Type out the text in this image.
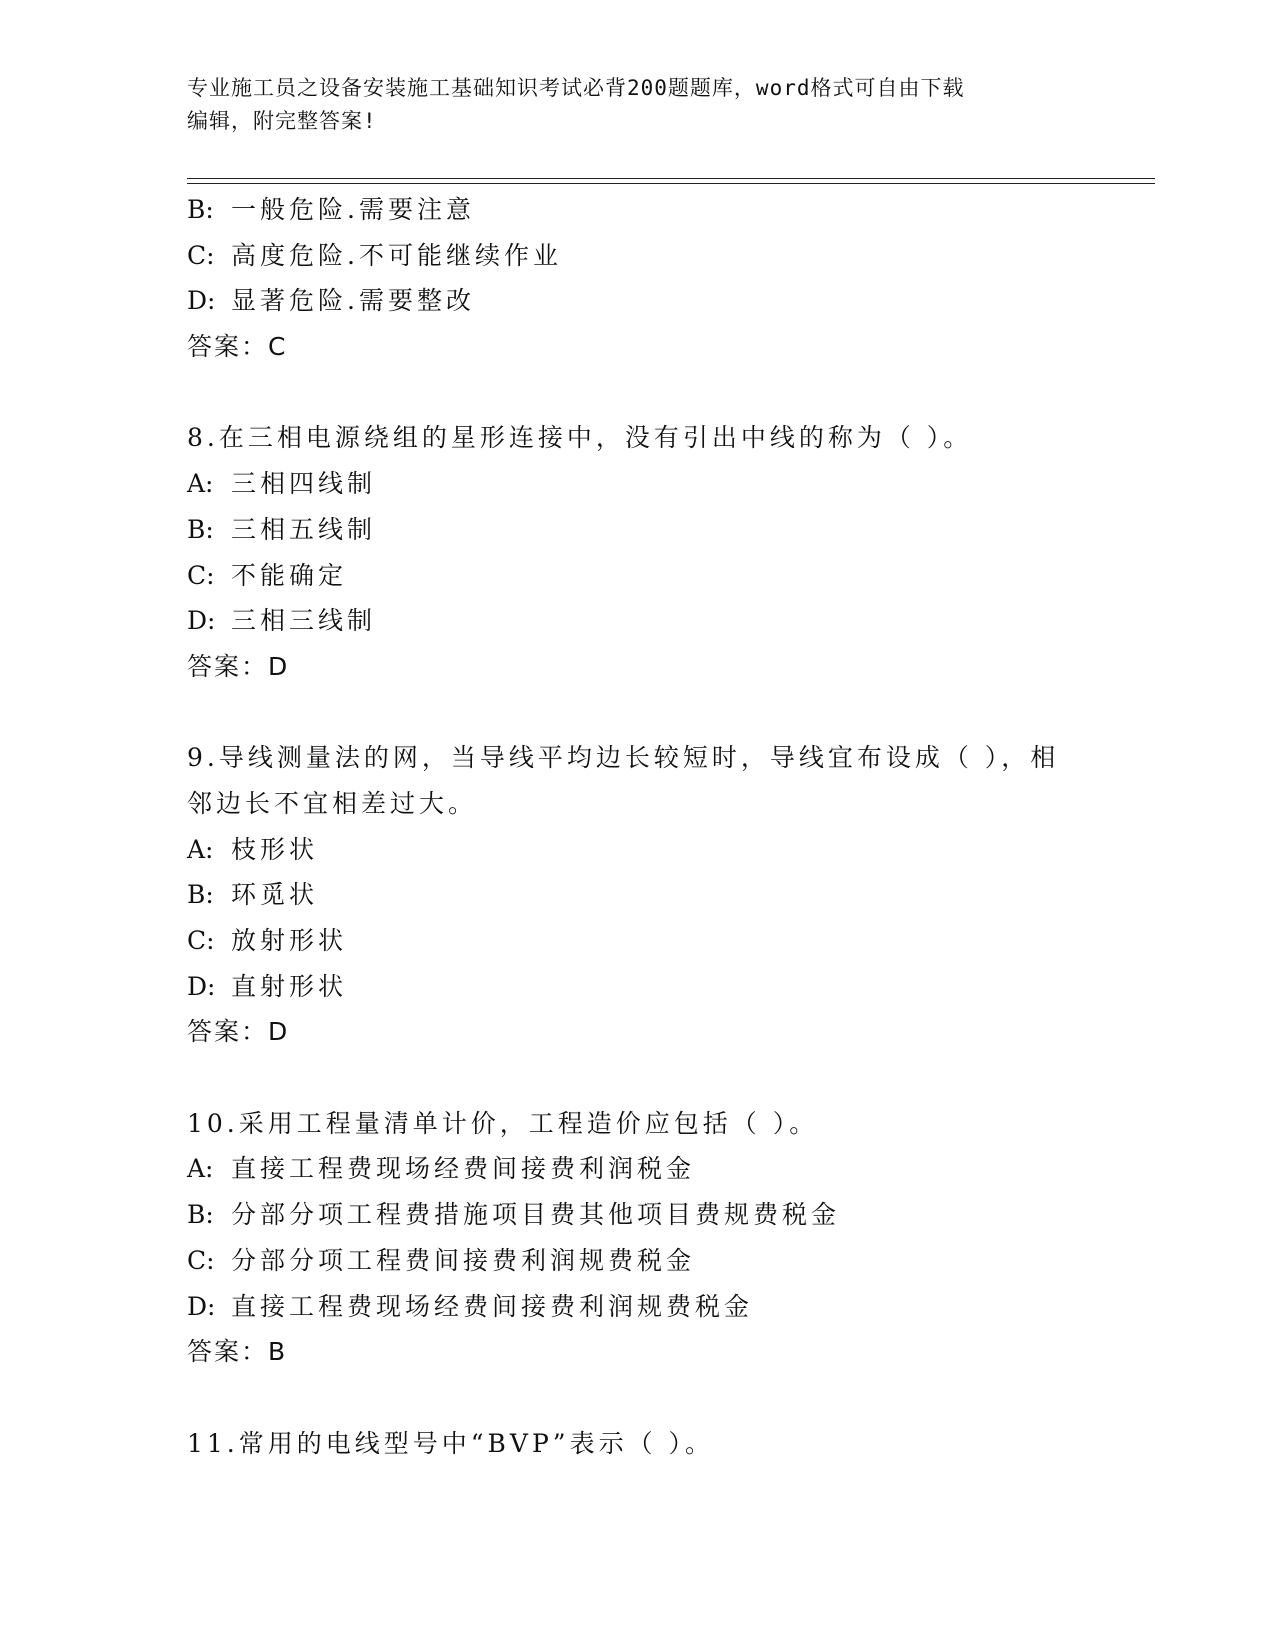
专业施工员之设备安装施工基础知识考试必背200题题库，word格式可自由下载
编辑，附完整答案!
B: 一般危险.需要注意
C: 高度危险.不可能继续作业
D: 显著危险.需要整改
答案：C
8.在三相电源绕组的星形连接中，没有引出中线的称为（ ）。
A: 三相四线制
B: 三相五线制
C: 不能确定
D: 三相三线制
答案：D
9.导线测量法的网，当导线平均边长较短时，导线宜布设成（ ），相
邻边长不宜相差过大。
A: 枝形状
B: 环觅状
C: 放射形状
D: 直射形状
答案：D
10.采用工程量清单计价，工程造价应包括（ ）。
A: 直接工程费现场经费间接费利润税金
B: 分部分项工程费措施项目费其他项目费规费税金
C: 分部分项工程费间接费利润规费税金
D: 直接工程费现场经费间接费利润规费税金
答案：B
11.常用的电线型号中“BVP”表示（ ）。
